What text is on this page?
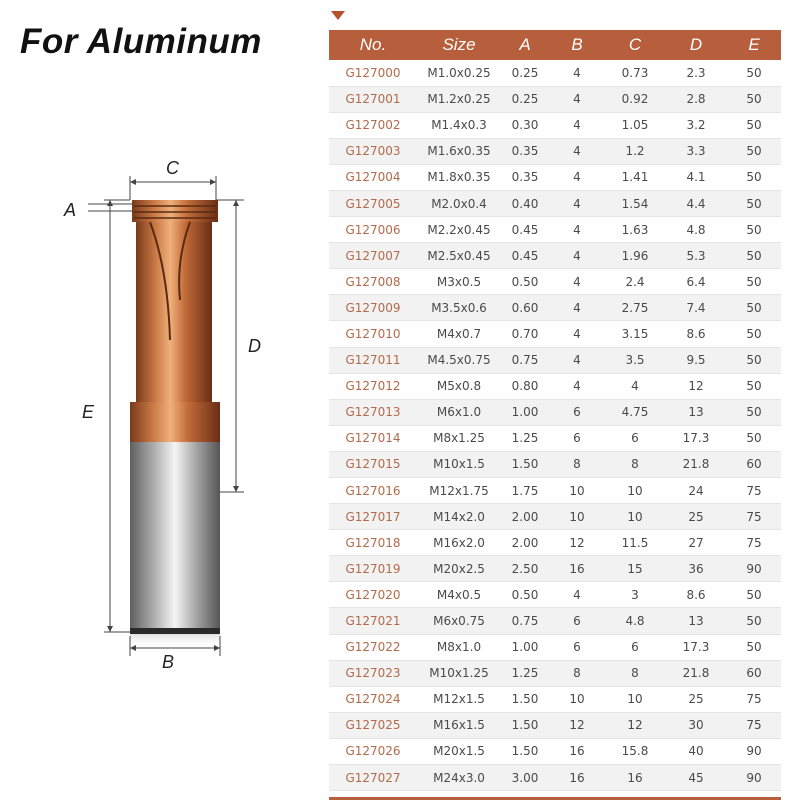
For Aluminum
C
A
E
D
B
No.	Size	A	B	C	D	E
G127000	M1.0x0.25	0.25	4	0.73	2.3	50
G127001	M1.2x0.25	0.25	4	0.92	2.8	50
G127002	M1.4x0.3	0.30	4	1.05	3.2	50
G127003	M1.6x0.35	0.35	4	1.2	3.3	50
G127004	M1.8x0.35	0.35	4	1.41	4.1	50
G127005	M2.0x0.4	0.40	4	1.54	4.4	50
G127006	M2.2x0.45	0.45	4	1.63	4.8	50
G127007	M2.5x0.45	0.45	4	1.96	5.3	50
G127008	M3x0.5	0.50	4	2.4	6.4	50
G127009	M3.5x0.6	0.60	4	2.75	7.4	50
G127010	M4x0.7	0.70	4	3.15	8.6	50
G127011	M4.5x0.75	0.75	4	3.5	9.5	50
G127012	M5x0.8	0.80	4	4	12	50
G127013	M6x1.0	1.00	6	4.75	13	50
G127014	M8x1.25	1.25	6	6	17.3	50
G127015	M10x1.5	1.50	8	8	21.8	60
G127016	M12x1.75	1.75	10	10	24	75
G127017	M14x2.0	2.00	10	10	25	75
G127018	M16x2.0	2.00	12	11.5	27	75
G127019	M20x2.5	2.50	16	15	36	90
G127020	M4x0.5	0.50	4	3	8.6	50
G127021	M6x0.75	0.75	6	4.8	13	50
G127022	M8x1.0	1.00	6	6	17.3	50
G127023	M10x1.25	1.25	8	8	21.8	60
G127024	M12x1.5	1.50	10	10	25	75
G127025	M16x1.5	1.50	12	12	30	75
G127026	M20x1.5	1.50	16	15.8	40	90
G127027	M24x3.0	3.00	16	16	45	90
